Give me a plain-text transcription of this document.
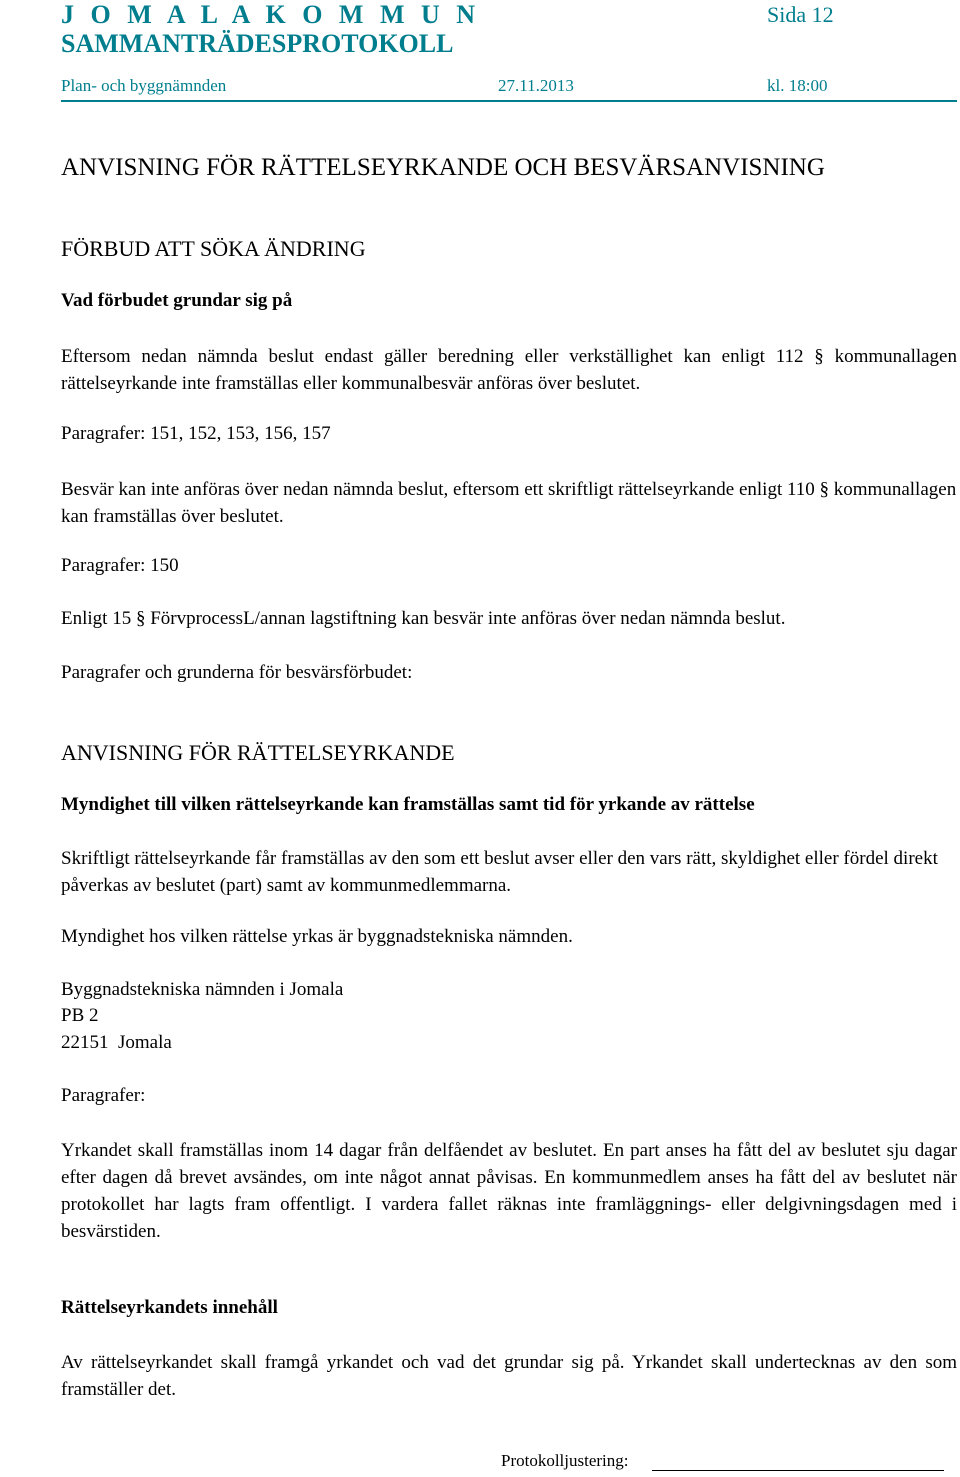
J O M A L A K O M M U N
SAMMANTRÄDESPROTOKOLL
Sida 12
Plan- och byggnämnden	27.11.2013	kl. 18:00
ANVISNING FÖR RÄTTELSEYRKANDE OCH BESVÄRSANVISNING
FÖRBUD ATT SÖKA ÄNDRING
Vad förbudet grundar sig på
Eftersom nedan nämnda beslut endast gäller beredning eller verkställighet kan enligt 112 § kommunallagen rättelseyrkande inte framställas eller kommunalbesvär anföras över beslutet.
Paragrafer: 151, 152, 153, 156, 157
Besvär kan inte anföras över nedan nämnda beslut, eftersom ett skriftligt rättelseyrkande enligt 110 § kommunallagen kan framställas över beslutet.
Paragrafer: 150
Enligt 15 § FörvprocessL/annan lagstiftning kan besvär inte anföras över nedan nämnda beslut.
Paragrafer och grunderna för besvärsförbudet:
ANVISNING FÖR RÄTTELSEYRKANDE
Myndighet till vilken rättelseyrkande kan framställas samt tid för yrkande av rättelse
Skriftligt rättelseyrkande får framställas av den som ett beslut avser eller den vars rätt, skyldighet eller fördel direkt påverkas av beslutet (part) samt av kommunmedlemmarna.
Myndighet hos vilken rättelse yrkas är byggnadstekniska nämnden.
Byggnadstekniska nämnden i Jomala
PB 2
22151  Jomala
Paragrafer:
Yrkandet skall framställas inom 14 dagar från delfåendet av beslutet. En part anses ha fått del av beslutet sju dagar efter dagen då brevet avsändes, om inte något annat påvisas. En kommunmedlem anses ha fått del av beslutet när protokollet har lagts fram offentligt. I vardera fallet räknas inte framläggnings- eller delgivningsdagen med i besvärstiden.
Rättelseyrkandets innehåll
Av rättelseyrkandet skall framgå yrkandet och vad det grundar sig på. Yrkandet skall undertecknas av den som framställer det.
Protokolljustering:
